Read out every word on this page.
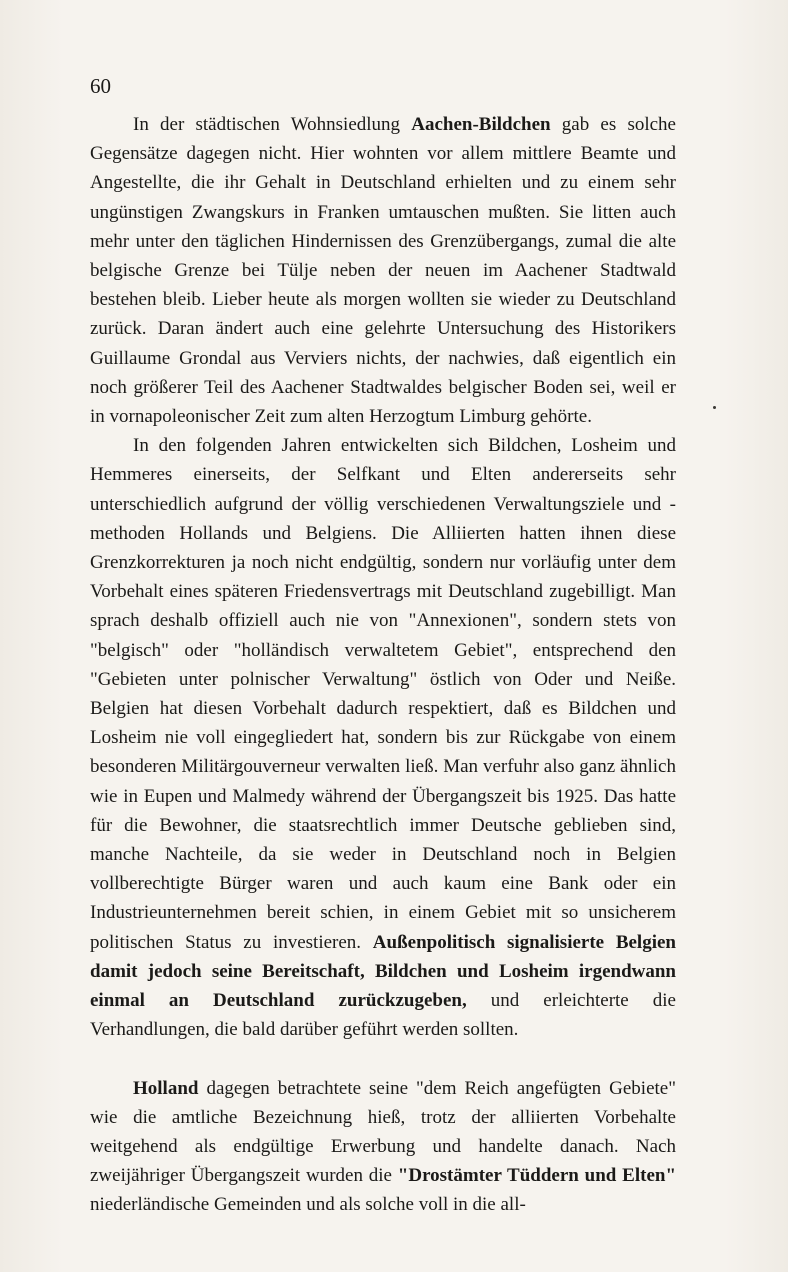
60

In der städtischen Wohnsiedlung Aachen-Bildchen gab es solche Gegensätze dagegen nicht. Hier wohnten vor allem mittlere Beamte und Angestellte, die ihr Gehalt in Deutschland erhielten und zu einem sehr ungünstigen Zwangskurs in Franken umtauschen mußten. Sie litten auch mehr unter den täglichen Hindernissen des Grenzübergangs, zumal die alte belgische Grenze bei Tülje neben der neuen im Aachener Stadtwald bestehen bleib. Lieber heute als morgen wollten sie wieder zu Deutschland zurück. Daran ändert auch eine gelehrte Untersuchung des Historikers Guillaume Grondal aus Verviers nichts, der nachwies, daß eigentlich ein noch größerer Teil des Aachener Stadtwaldes belgischer Boden sei, weil er in vornapoleonischer Zeit zum alten Herzogtum Limburg gehörte.

In den folgenden Jahren entwickelten sich Bildchen, Losheim und Hemmeres einerseits, der Selfkant und Elten andererseits sehr unterschiedlich aufgrund der völlig verschiedenen Verwaltungsziele und -methoden Hollands und Belgiens. Die Alliierten hatten ihnen diese Grenzkorrekturen ja noch nicht endgültig, sondern nur vorläufig unter dem Vorbehalt eines späteren Friedensvertrags mit Deutschland zugebilligt. Man sprach deshalb offiziell auch nie von "Annexionen", sondern stets von "belgisch" oder "holländisch verwaltetem Gebiet", entsprechend den "Gebieten unter polnischer Verwaltung" östlich von Oder und Neiße. Belgien hat diesen Vorbehalt dadurch respektiert, daß es Bildchen und Losheim nie voll eingegliedert hat, sondern bis zur Rückgabe von einem besonderen Militärgouverneur verwalten ließ. Man verfuhr also ganz ähnlich wie in Eupen und Malmedy während der Übergangszeit bis 1925. Das hatte für die Bewohner, die staatsrechtlich immer Deutsche geblieben sind, manche Nachteile, da sie weder in Deutschland noch in Belgien vollberechtigte Bürger waren und auch kaum eine Bank oder ein Industrieunternehmen bereit schien, in einem Gebiet mit so unsicherem politischen Status zu investieren. Außenpolitisch signalisierte Belgien damit jedoch seine Bereitschaft, Bildchen und Losheim irgendwann einmal an Deutschland zurückzugeben, und erleichterte die Verhandlungen, die bald darüber geführt werden sollten.

Holland dagegen betrachtete seine "dem Reich angefügten Gebiete" wie die amtliche Bezeichnung hieß, trotz der alliierten Vorbehalte weitgehend als endgültige Erwerbung und handelte danach. Nach zweijähriger Übergangszeit wurden die "Drostämter Tüddern und Elten" niederländische Gemeinden und als solche voll in die all-
